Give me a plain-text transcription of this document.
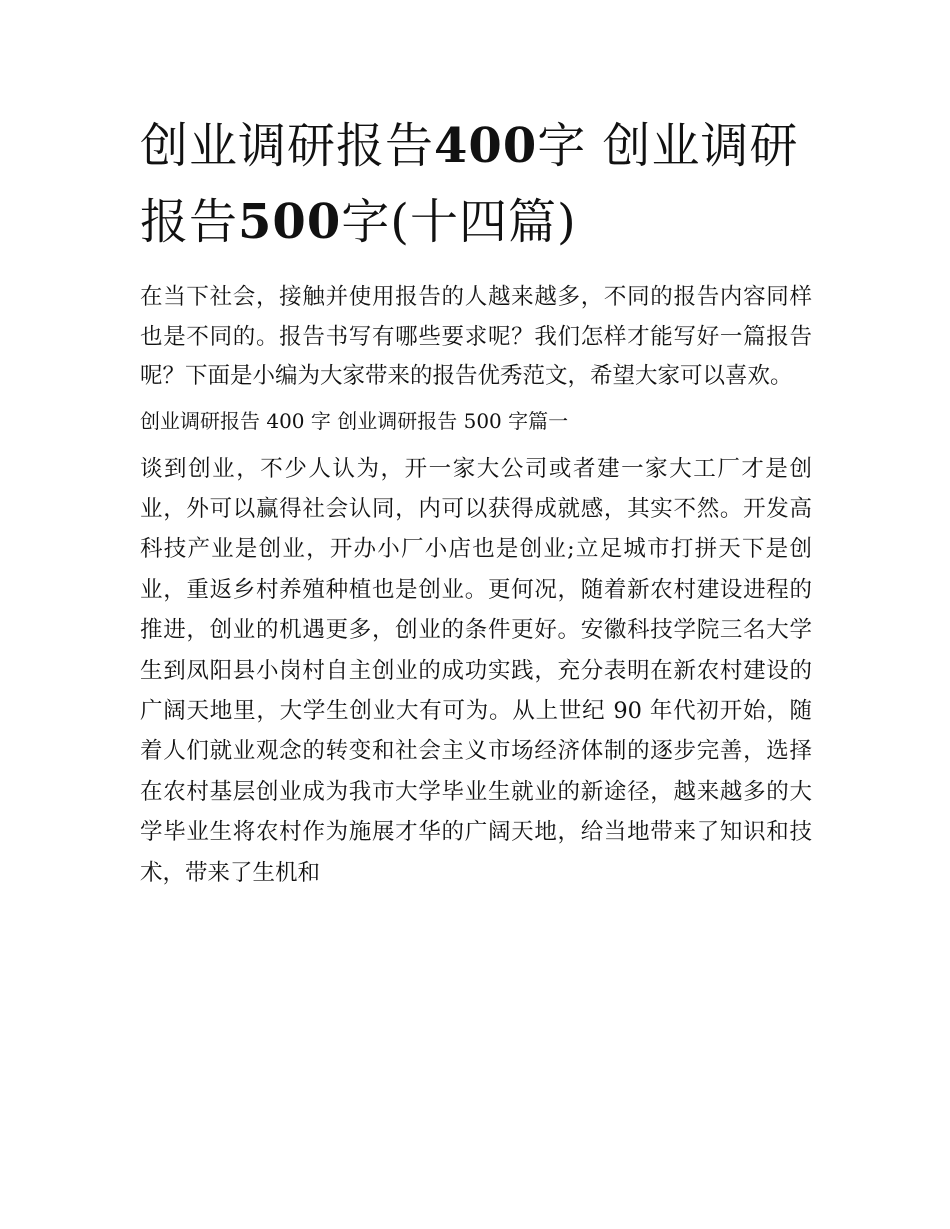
创业调研报告400字 创业调研报告500字(十四篇)

在当下社会，接触并使用报告的人越来越多，不同的报告内容同样也是不同的。报告书写有哪些要求呢？我们怎样才能写好一篇报告呢？下面是小编为大家带来的报告优秀范文，希望大家可以喜欢。

创业调研报告 400 字 创业调研报告 500 字篇一

谈到创业，不少人认为，开一家大公司或者建一家大工厂才是创业，外可以赢得社会认同，内可以获得成就感，其实不然。开发高科技产业是创业，开办小厂小店也是创业;立足城市打拼天下是创业，重返乡村养殖种植也是创业。更何况，随着新农村建设进程的推进，创业的机遇更多，创业的条件更好。安徽科技学院三名大学生到凤阳县小岗村自主创业的成功实践，充分表明在新农村建设的广阔天地里，大学生创业大有可为。从上世纪 90 年代初开始，随着人们就业观念的转变和社会主义市场经济体制的逐步完善，选择在农村基层创业成为我市大学毕业生就业的新途径，越来越多的大学毕业生将农村作为施展才华的广阔天地，给当地带来了知识和技术，带来了生机和
